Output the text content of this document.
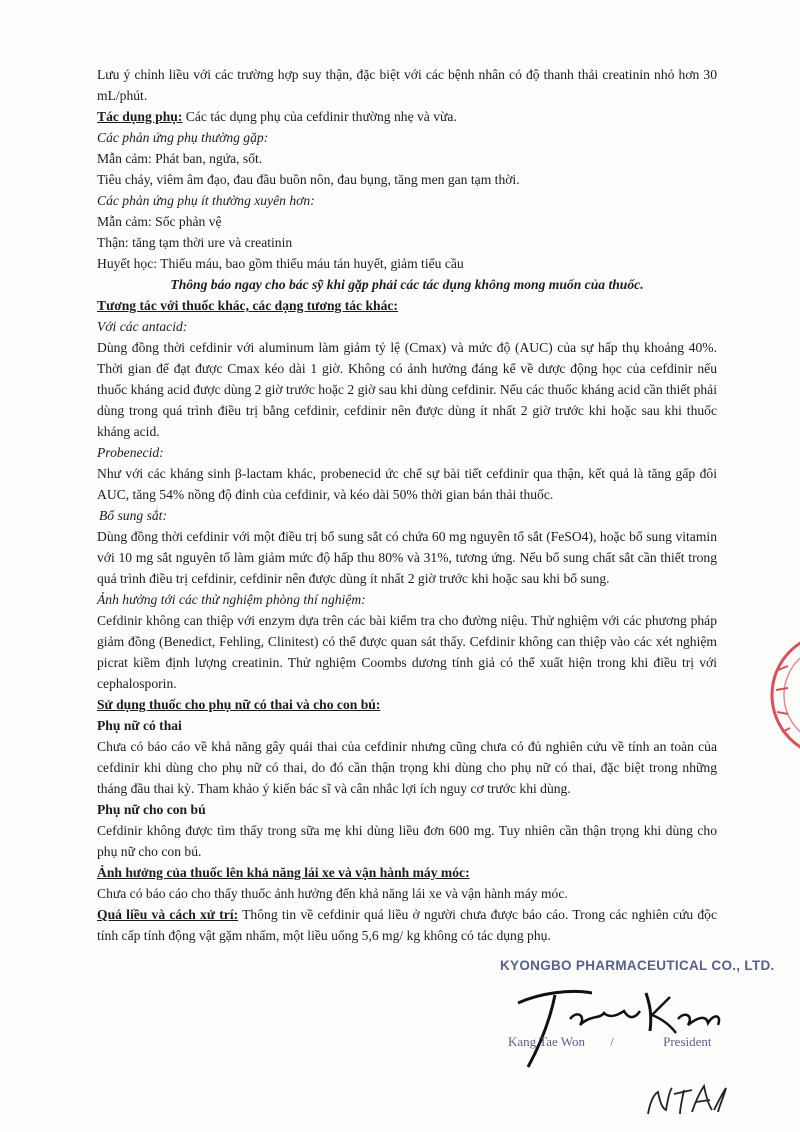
Lưu ý chỉnh liều với các trường hợp suy thận, đặc biệt với các bệnh nhân có độ thanh thải creatinin nhỏ hơn 30 mL/phút.

Tác dụng phụ: Các tác dụng phụ của cefdinir thường nhẹ và vừa.

Các phản ứng phụ thường gặp:

Mẫn cảm: Phát ban, ngứa, sốt.

Tiêu chảy, viêm âm đạo, đau đầu buồn nôn, đau bụng, tăng men gan tạm thời.

Các phản ứng phụ ít thường xuyên hơn:

Mẫn cảm: Sốc phản vệ

Thận: tăng tạm thời ure và creatinin

Huyết học: Thiếu máu, bao gồm thiếu máu tán huyết, giảm tiểu cầu

Thông báo ngay cho bác sỹ khi gặp phải các tác dụng không mong muốn của thuốc.

Tương tác với thuốc khác, các dạng tương tác khác:

Với các antacid:

Dùng đồng thời cefdinir với aluminum làm giảm tỷ lệ (Cmax) và mức độ (AUC) của sự hấp thụ khoảng 40%. Thời gian để đạt được Cmax kéo dài 1 giờ. Không có ảnh hưởng đáng kể về dược động học của cefdinir nếu thuốc kháng acid được dùng 2 giờ trước hoặc 2 giờ sau khi dùng cefdinir. Nếu các thuốc kháng acid cần thiết phải dùng trong quá trình điều trị bằng cefdinir, cefdinir nên được dùng ít nhất 2 giờ trước khi hoặc sau khi thuốc kháng acid.

Probenecid:

Như với các kháng sinh β-lactam khác, probenecid ức chế sự bài tiết cefdinir qua thận, kết quả là tăng gấp đôi AUC, tăng 54% nồng độ đỉnh của cefdinir, và kéo dài 50% thời gian bán thải thuốc.

Bổ sung sắt:

Dùng đồng thời cefdinir với một điều trị bổ sung sắt có chứa 60 mg nguyên tố sắt (FeSO4), hoặc bổ sung vitamin với 10 mg sắt nguyên tố làm giảm mức độ hấp thu 80% và 31%, tương ứng. Nếu bổ sung chất sắt cần thiết trong quá trình điều trị cefdinir, cefdinir nên được dùng ít nhất 2 giờ trước khi hoặc sau khi bổ sung.

Ảnh hưởng tới các thử nghiệm phòng thí nghiệm:

Cefdinir không can thiệp với enzym dựa trên các bài kiểm tra cho đường niệu. Thử nghiệm với các phương pháp giảm đồng (Benedict, Fehling, Clinitest) có thể được quan sát thấy. Cefdinir không can thiệp vào các xét nghiệm picrat kiềm định lượng creatinin. Thử nghiệm Coombs dương tính giả có thể xuất hiện trong khi điều trị với cephalosporin.

Sử dụng thuốc cho phụ nữ có thai và cho con bú:

Phụ nữ có thai

Chưa có báo cáo về khả năng gây quái thai của cefdinir nhưng cũng chưa có đủ nghiên cứu về tính an toàn của cefdinir khi dùng cho phụ nữ có thai, do đó cần thận trọng khi dùng cho phụ nữ có thai, đặc biệt trong những tháng đầu thai kỳ. Tham khảo ý kiến bác sĩ và cân nhắc lợi ích nguy cơ trước khi dùng.

Phụ nữ cho con bú

Cefdinir không được tìm thấy trong sữa mẹ khi dùng liều đơn 600 mg. Tuy nhiên cần thận trọng khi dùng cho phụ nữ cho con bú.

Ảnh hưởng của thuốc lên khả năng lái xe và vận hành máy móc:

Chưa có báo cáo cho thấy thuốc ảnh hưởng đến khả năng lái xe và vận hành máy móc.

Quá liều và cách xử trí: Thông tin về cefdinir quá liều ở người chưa được báo cáo. Trong các nghiên cứu độc tính cấp tính động vật gặm nhấm, một liều uống 5,6 mg/ kg không có tác dụng phụ.

KYONGBO PHARMACEUTICAL CO., LTD.
Kang Tae Won /	President
